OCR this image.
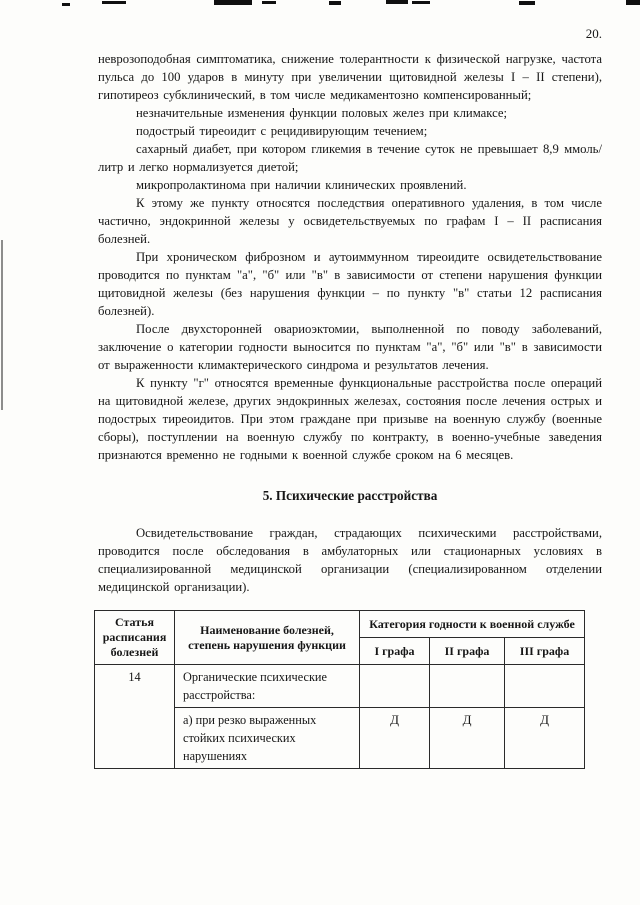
20.

неврозоподобная симптоматика, снижение толерантности к физической нагрузке, частота пульса до 100 ударов в минуту при увеличении щитовидной железы I – II степени), гипотиреоз субклинический, в том числе медикаментозно компенсированный;

незначительные изменения функции половых желез при климаксе;

подострый тиреоидит с рецидивирующим течением;

сахарный диабет, при котором гликемия в течение суток не превышает 8,9 ммоль/литр и легко нормализуется диетой;

микропролактинома при наличии клинических проявлений.

К этому же пункту относятся последствия оперативного удаления, в том числе частично, эндокринной железы у освидетельствуемых по графам I – II расписания болезней.

При хроническом фиброзном и аутоиммунном тиреоидите освидетельствование проводится по пунктам "а", "б" или "в" в зависимости от степени нарушения функции щитовидной железы (без нарушения функции – по пункту "в" статьи 12 расписания болезней).

После двухсторонней овариоэктомии, выполненной по поводу заболеваний, заключение о категории годности выносится по пунктам "а", "б" или "в" в зависимости от выраженности климактерического синдрома и результатов лечения.

К пункту "г" относятся временные функциональные расстройства после операций на щитовидной железе, других эндокринных железах, состояния после лечения острых и подострых тиреоидитов. При этом граждане при призыве на военную службу (военные сборы), поступлении на военную службу по контракту, в военно-учебные заведения признаются временно не годными к военной службе сроком на 6 месяцев.

5. Психические расстройства

Освидетельствование граждан, страдающих психическими расстройствами, проводится после обследования в амбулаторных или стационарных условиях в специализированной медицинской организации (специализированном отделении медицинской организации).

Статья расписания болезней	Наименование болезней, степень нарушения функции	Категория годности к военной службе		
		I графа	II графа	III графа
14	Органические психические расстройства:			
	а) при резко выраженных стойких психических нарушениях	Д	Д	Д
